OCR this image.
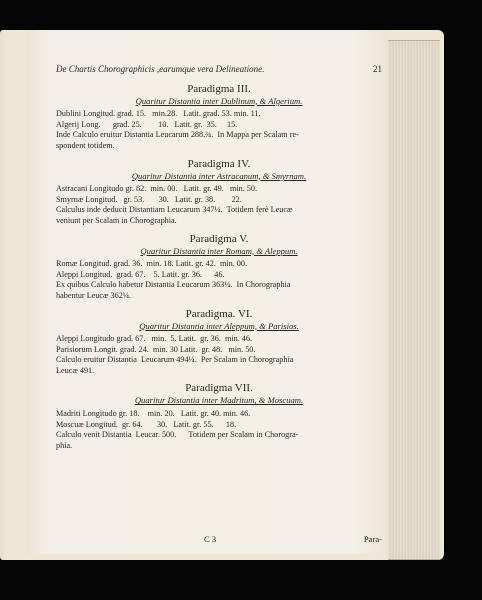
De Chartis Chorographicis ,earumque vera Delineatione.	21
Paradigma III.
Quaritur Distantia inter Dublinum, & Algerium.
Dublini Longitud. grad. 15.   min.28.   Latit. grad. 53. min. 11.
Algerij Long.      grad. 25.        10.   Latit. gr.  35.     15.
Inde Calculo eruitur Distantia Leucarum 288.¾.  In Mappa per Scalam re-
spondent totidem.
Paradigma IV.
Quaritur Distantia inter Astracanum, & Smyrnam.
Astracani Longitudo gr. 82.  min. 00.   Latit. gr. 49.   min. 50.
Smyrnæ Longitud.   gr. 53.       30.   Latit. gr. 38.        22.
Calculus inde deducit Distantiam Leucarum 347¼.  Totidem ferè Leucæ
veniunt per Scalam in Chorographia.
Paradigma V.
Quaritur Distantia inter Romam, & Aleppum.
Romæ Longitud. grad. 36.  min. 18. Latit. gr. 42.  min. 00.
Aleppi Longitud.  grad. 67.    5. Latit. gr. 36.      46.
Ex quibus Calculo habetur Distantia Leucarum 363¼.  In Chorographia
habentur Leucæ 362¼.
Paradigma. VI.
Quaritur Distantia inter Aleppum, & Parisios.
Aleppi Longitudo grad. 67.   min.  5. Latit.  gr. 36.  min. 46.
Parisiorum Longit. grad. 24.  min. 30 Latit.  gr. 48.   min. 50.
Calculo eruitur Distantia  Leucarum 494¼.  Per Scalam in Chorographia
Leucæ 491.
Paradigma VII.
Quaritur Distantia inter Madritum, & Moscuam.
Madriti Longitudo gr. 18.    min. 20.   Latit. gr. 40. min. 46.
Moscuæ Longitud.  gr. 64.       30.   Latit. gr. 55.      18.
Calculo venit Distantia  Leucar. 500.      Totidem per Scalam in Chorogra-
phia.
C 3	Para-
